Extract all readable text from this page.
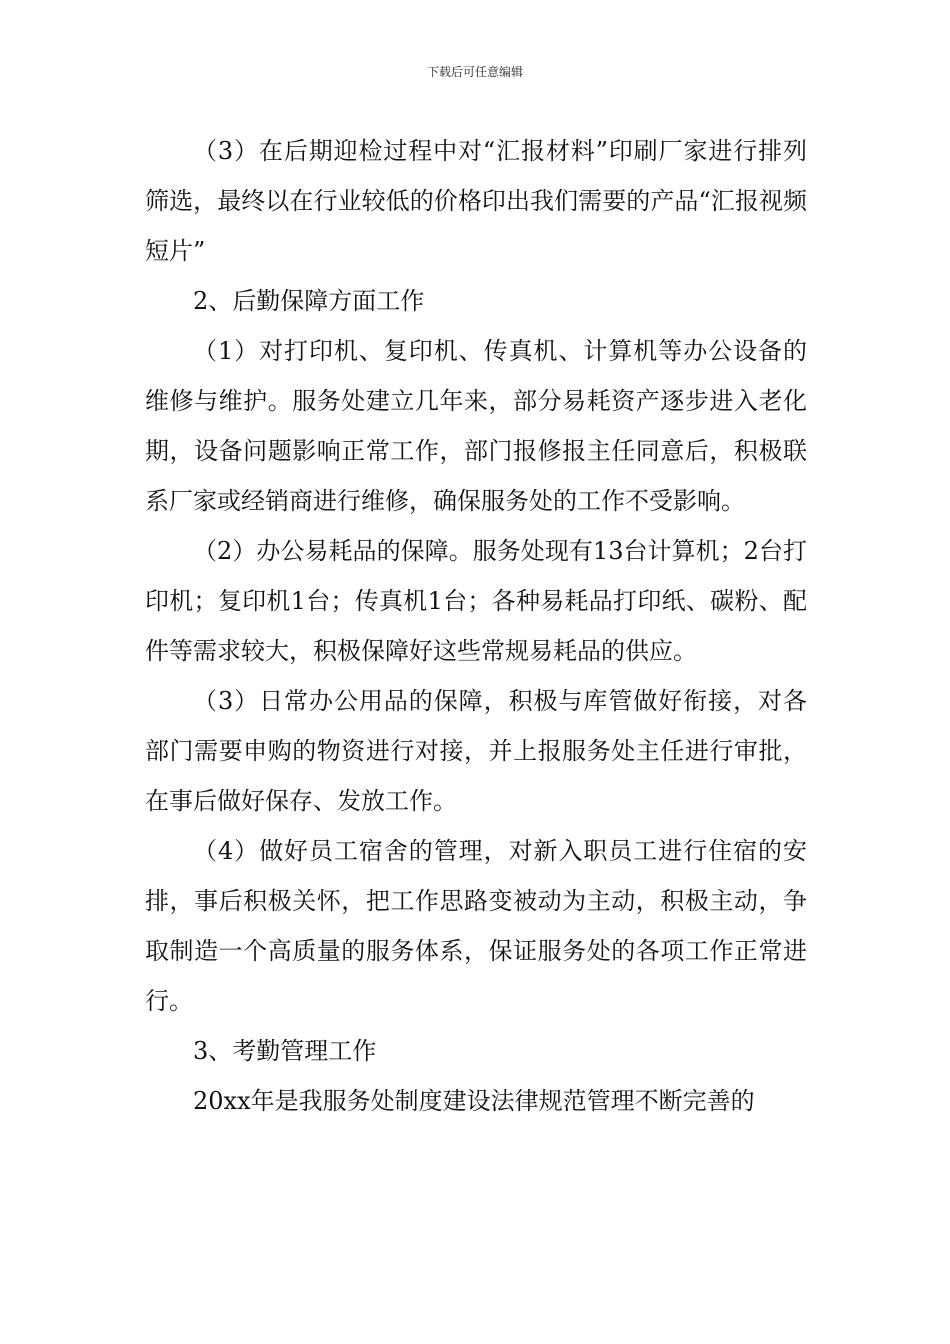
下载后可任意编辑

（3）在后期迎检过程中对“汇报材料”印刷厂家进行排列筛选，最终以在行业较低的价格印出我们需要的产品“汇报视频短片”

2、后勤保障方面工作

（1）对打印机、复印机、传真机、计算机等办公设备的维修与维护。服务处建立几年来，部分易耗资产逐步进入老化期，设备问题影响正常工作，部门报修报主任同意后，积极联系厂家或经销商进行维修，确保服务处的工作不受影响。

（2）办公易耗品的保障。服务处现有13台计算机；2台打印机；复印机1台；传真机1台；各种易耗品打印纸、碳粉、配件等需求较大，积极保障好这些常规易耗品的供应。

（3）日常办公用品的保障，积极与库管做好衔接，对各部门需要申购的物资进行对接，并上报服务处主任进行审批，在事后做好保存、发放工作。

（4）做好员工宿舍的管理，对新入职员工进行住宿的安排，事后积极关怀，把工作思路变被动为主动，积极主动，争取制造一个高质量的服务体系，保证服务处的各项工作正常进行。

3、考勤管理工作

20xx年是我服务处制度建设法律规范管理不断完善的
